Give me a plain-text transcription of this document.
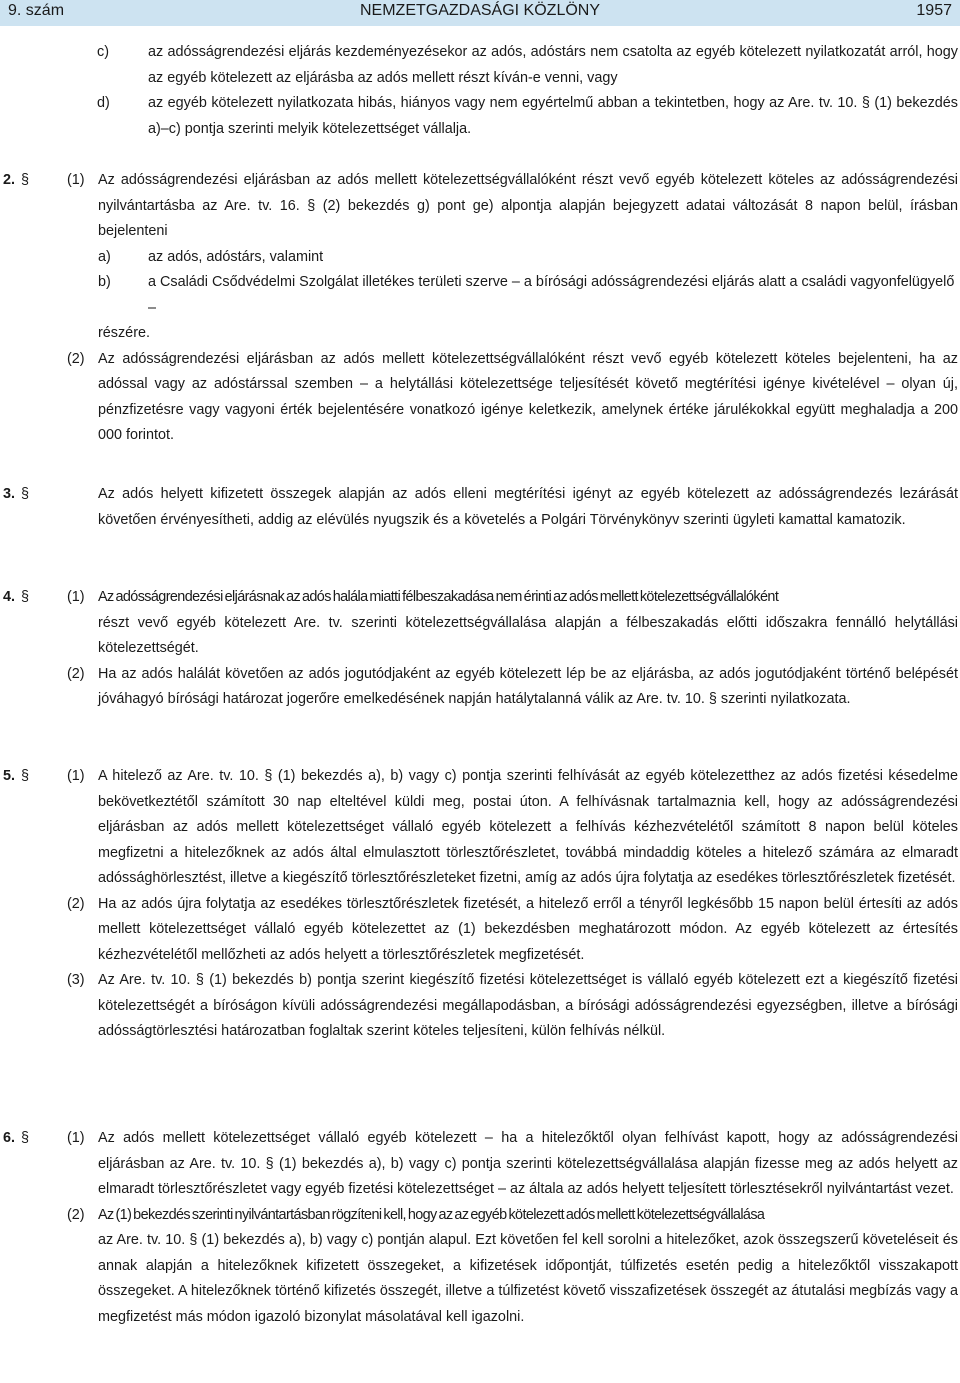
9. szám	NEMZETGAZDASÁGI KÖZLÖNY	1957
c)	az adósságrendezési eljárás kezdeményezésekor az adós, adóstárs nem csatolta az egyéb kötelezett nyilatkozatát arról, hogy az egyéb kötelezett az eljárásba az adós mellett részt kíván-e venni, vagy

d)	az egyéb kötelezett nyilatkozata hibás, hiányos vagy nem egyértelmű abban a tekintetben, hogy az Are. tv. 10. § (1) bekezdés a)–c) pontja szerinti melyik kötelezettséget vállalja.

2. §	(1) Az adósságrendezési eljárásban az adós mellett kötelezettségvállalóként részt vevő egyéb kötelezett köteles az adósságrendezési nyilvántartásba az Are. tv. 16. § (2) bekezdés g) pont ge) alpontja alapján bejegyzett adatai változását 8 napon belül, írásban bejelenteni

a)	az adós, adóstárs, valamint

b)	a Családi Csődvédelmi Szolgálat illetékes területi szerve – a bírósági adósságrendezési eljárás alatt a családi vagyonfelügyelő –

részére.

(2) Az adósságrendezési eljárásban az adós mellett kötelezettségvállalóként részt vevő egyéb kötelezett köteles bejelenteni, ha az adóssal vagy az adóstárssal szemben – a helytállási kötelezettsége teljesítését követő megtérítési igénye kivételével – olyan új, pénzfizetésre vagy vagyoni érték bejelentésére vonatkozó igénye keletkezik, amelynek értéke járulékokkal együtt meghaladja a 200 000 forintot.

3. §	Az adós helyett kifizetett összegek alapján az adós elleni megtérítési igényt az egyéb kötelezett az adósságrendezés lezárását követően érvényesítheti, addig az elévülés nyugszik és a követelés a Polgári Törvénykönyv szerinti ügyleti kamattal kamatozik.

4. §	(1) Az adósságrendezési eljárásnak az adós halála miatti félbeszakadása nem érinti az adós mellett kötelezettségvállalóként

részt vevő egyéb kötelezett Are. tv. szerinti kötelezettségvállalása alapján a félbeszakadás előtti időszakra fennálló helytállási kötelezettségét.

(2) Ha az adós halálát követően az adós jogutódjaként az egyéb kötelezett lép be az eljárásba, az adós jogutódjaként történő belépését jóváhagyó bírósági határozat jogerőre emelkedésének napján hatálytalanná válik az Are. tv. 10. § szerinti nyilatkozata.

5. §	(1) A hitelező az Are. tv. 10. § (1) bekezdés a), b) vagy c) pontja szerinti felhívását az egyéb kötelezetthez az adós fizetési késedelme bekövetkeztétől számított 30 nap elteltével küldi meg, postai úton. A felhívásnak tartalmaznia kell, hogy az adósságrendezési eljárásban az adós mellett kötelezettséget vállaló egyéb kötelezett a felhívás kézhezvételétől számított 8 napon belül köteles megfizetni a hitelezőknek az adós által elmulasztott törlesztőrészletet, továbbá mindaddig köteles a hitelező számára az elmaradt adóssághörlesztést, illetve a kiegészítő törlesztőrészleteket fizetni, amíg az adós újra folytatja az esedékes törlesztőrészletek fizetését.

(2) Ha az adós újra folytatja az esedékes törlesztőrészletek fizetését, a hitelező erről a tényről legkésőbb 15 napon belül értesíti az adós mellett kötelezettséget vállaló egyéb kötelezettet az (1) bekezdésben meghatározott módon. Az egyéb kötelezett az értesítés kézhezvételétől mellőzheti az adós helyett a törlesztőrészletek megfizetését.

(3) Az Are. tv. 10. § (1) bekezdés b) pontja szerint kiegészítő fizetési kötelezettséget is vállaló egyéb kötelezett ezt a kiegészítő fizetési kötelezettségét a bíróságon kívüli adósságrendezési megállapodásban, a bírósági adósságrendezési egyezségben, illetve a bírósági adósságtörlesztési határozatban foglaltak szerint köteles teljesíteni, külön felhívás nélkül.

6. §	(1) Az adós mellett kötelezettséget vállaló egyéb kötelezett – ha a hitelezőktől olyan felhívást kapott, hogy az adósságrendezési eljárásban az Are. tv. 10. § (1) bekezdés a), b) vagy c) pontja szerinti kötelezettségvállalása alapján fizesse meg az adós helyett az elmaradt törlesztőrészletet vagy egyéb fizetési kötelezettséget – az általa az adós helyett teljesített törlesztésekről nyilvántartást vezet.

(2) Az (1) bekezdés szerinti nyilvántartásban rögzíteni kell, hogy az az egyéb kötelezett adós mellett kötelezettségvállalása

az Are. tv. 10. § (1) bekezdés a), b) vagy c) pontján alapul. Ezt követően fel kell sorolni a hitelezőket, azok összegszerű követeléseit és annak alapján a hitelezőknek kifizetett összegeket, a kifizetések időpontját, túlfizetés esetén pedig a hitelezőktől visszakapott összegeket. A hitelezőknek történő kifizetés összegét, illetve a túlfizetést követő visszafizetések összegét az átutalási megbízás vagy a megfizetést más módon igazoló bizonylat másolatával kell igazolni.
